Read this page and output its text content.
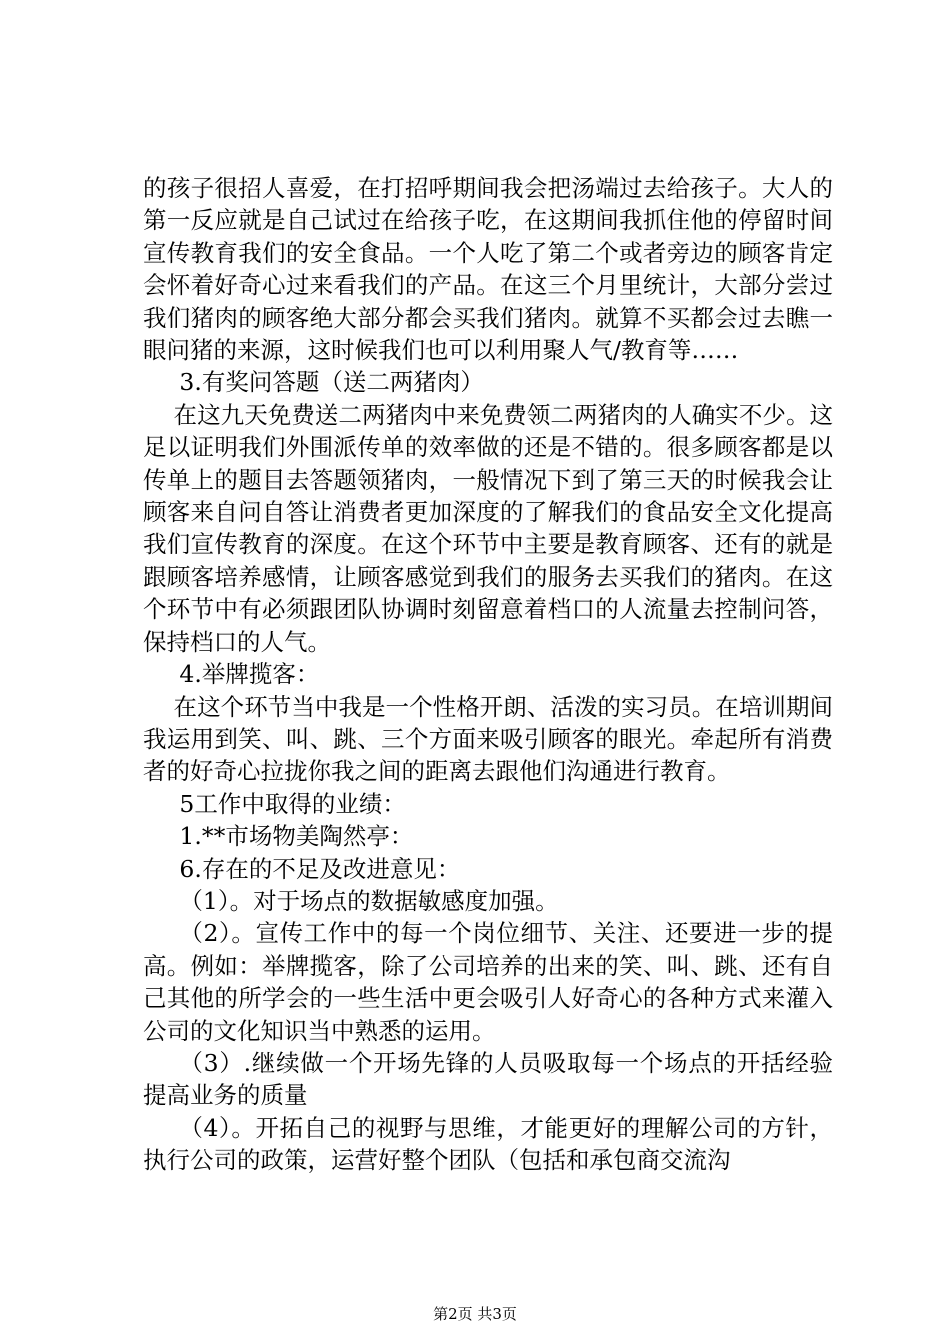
的孩子很招人喜爱，在打招呼期间我会把汤端过去给孩子。大人的第一反应就是自己试过在给孩子吃，在这期间我抓住他的停留时间宣传教育我们的安全食品。一个人吃了第二个或者旁边的顾客肯定会怀着好奇心过来看我们的产品。在这三个月里统计，大部分尝过我们猪肉的顾客绝大部分都会买我们猪肉。就算不买都会过去瞧一眼问猪的来源，这时候我们也可以利用聚人气/教育等……

3.有奖问答题（送二两猪肉）

在这九天免费送二两猪肉中来免费领二两猪肉的人确实不少。这足以证明我们外围派传单的效率做的还是不错的。很多顾客都是以传单上的题目去答题领猪肉，一般情况下到了第三天的时候我会让顾客来自问自答让消费者更加深度的了解我们的食品安全文化提高我们宣传教育的深度。在这个环节中主要是教育顾客、还有的就是跟顾客培养感情，让顾客感觉到我们的服务去买我们的猪肉。在这个环节中有必须跟团队协调时刻留意着档口的人流量去控制问答，保持档口的人气。

4.举牌揽客：

在这个环节当中我是一个性格开朗、活泼的实习员。在培训期间我运用到笑、叫、跳、三个方面来吸引顾客的眼光。牵起所有消费者的好奇心拉拢你我之间的距离去跟他们沟通进行教育。

5工作中取得的业绩：

1.**市场物美陶然亭：

6.存在的不足及改进意见：

（1）。对于场点的数据敏感度加强。

（2）。宣传工作中的每一个岗位细节、关注、还要进一步的提高。例如：举牌揽客，除了公司培养的出来的笑、叫、跳、还有自己其他的所学会的一些生活中更会吸引人好奇心的各种方式来灌入公司的文化知识当中熟悉的运用。

（3）.继续做一个开场先锋的人员吸取每一个场点的开括经验提高业务的质量

（4）。开拓自己的视野与思维，才能更好的理解公司的方针，执行公司的政策，运营好整个团队（包括和承包商交流沟

第2页 共3页
